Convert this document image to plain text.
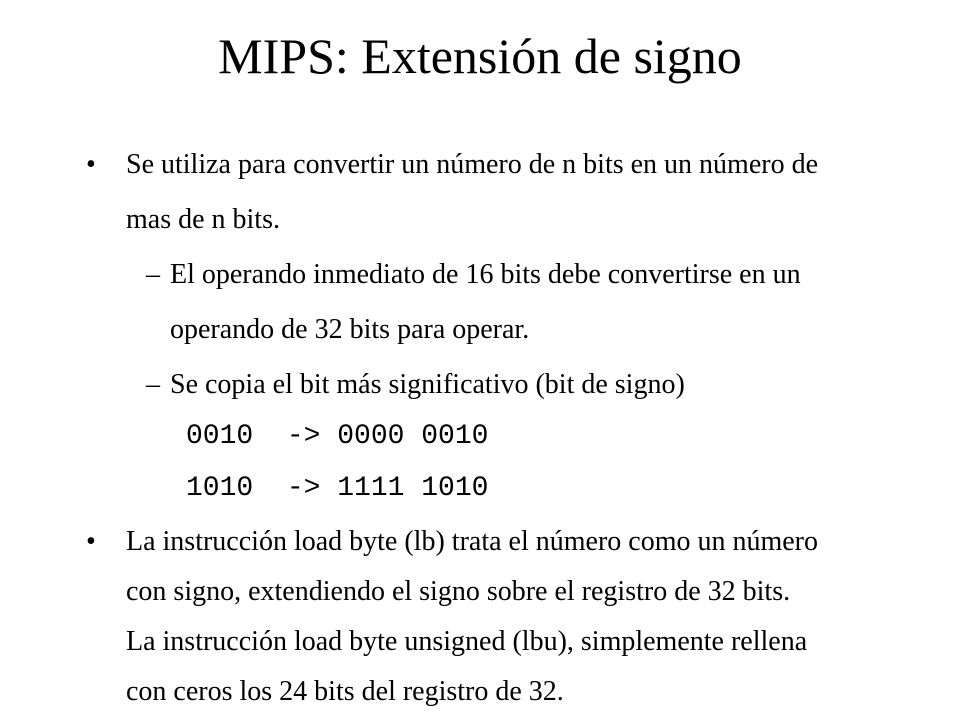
MIPS: Extensión de signo
• Se utiliza para convertir un número de n bits en un número de
mas de n bits.
– El operando inmediato de 16 bits debe convertirse en un
operando de 32 bits para operar.
– Se copia el bit más significativo (bit de signo)
0010  -> 0000 0010
1010  -> 1111 1010
• La instrucción load byte (lb) trata el número como un número
con signo, extendiendo el signo sobre el registro de 32 bits.
La instrucción load byte unsigned (lbu), simplemente rellena
con ceros los 24 bits del registro de 32.
